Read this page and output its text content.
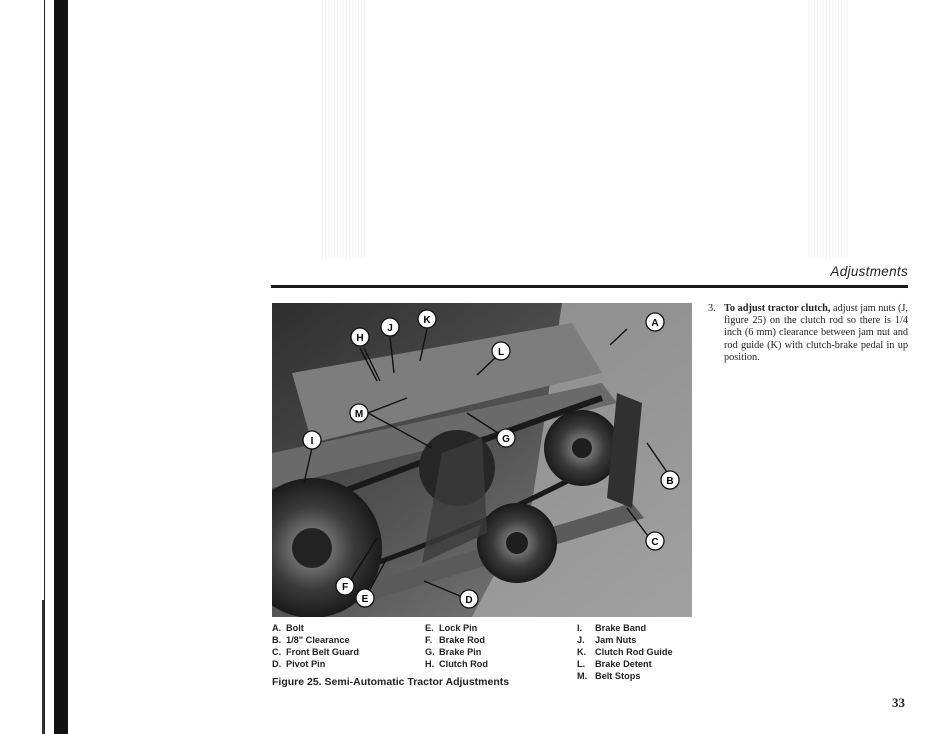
Adjustments
H
J
K
L
A
M
G
I
B
C
F
E	D
A. Bolt
B. 1/8" Clearance
C. Front Belt Guard
D. Pivot Pin
E. Lock Pin
F. Brake Rod
G. Brake Pin
H. Clutch Rod
I. Brake Band
J. Jam Nuts
K. Clutch Rod Guide
L. Brake Detent
M. Belt Stops
Figure 25. Semi-Automatic Tractor Adjustments
3. To adjust tractor clutch, adjust jam nuts (J, figure 25) on the clutch rod so there is 1/4 inch (6 mm) clearance between jam nut and rod guide (K) with clutch-brake pedal in up position.
33
